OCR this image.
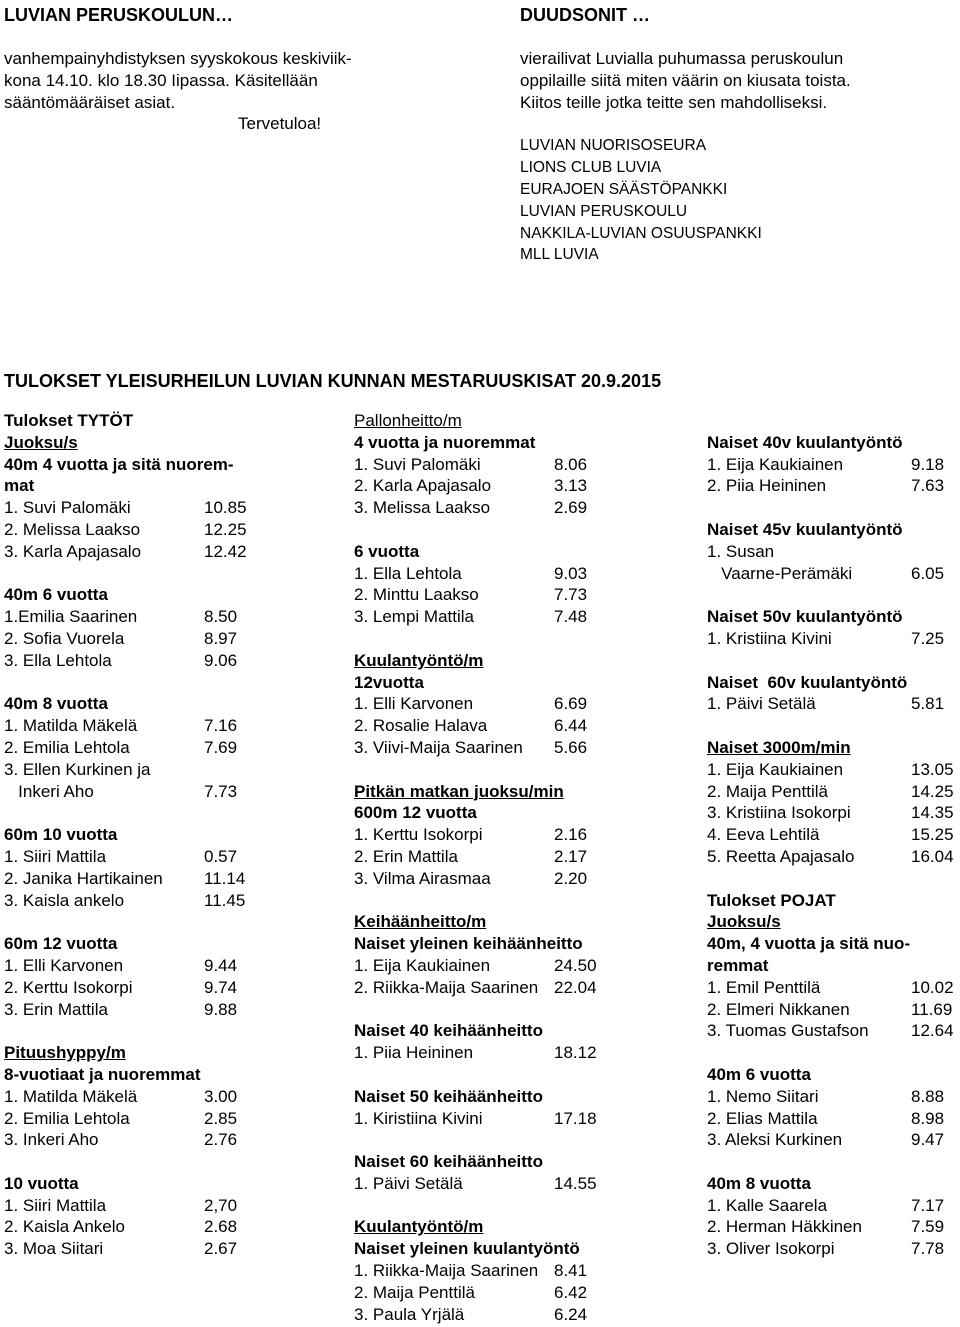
LUVIAN PERUSKOULUN…
vanhempainyhdistyksen syyskokous keskiviik-
kona 14.10. klo 18.30 Iipassa. Käsitellään
sääntömääräiset asiat.
Tervetuloa!
DUUDSONIT …
vierailivat Luvialla puhumassa peruskoulun
oppilaille siitä miten väärin on kiusata toista.
Kiitos teille jotka teitte sen mahdolliseksi.
LUVIAN NUORISOSEURA
LIONS CLUB LUVIA
EURAJOEN SÄÄSTÖPANKKI
LUVIAN PERUSKOULU
NAKKILA-LUVIAN OSUUSPANKKI
MLL LUVIA
TULOKSET YLEISURHEILUN LUVIAN KUNNAN MESTARUUSKISAT 20.9.2015
Tulokset TYTÖT
Juoksu/s
40m 4 vuotta ja sitä nuorem-
mat
1. Suvi Palomäki	10.85
2. Melissa Laakso	12.25
3. Karla Apajasalo	12.42
40m 6 vuotta
1.Emilia Saarinen	8.50
2. Sofia Vuorela	8.97
3. Ella Lehtola	9.06
40m 8 vuotta
1. Matilda Mäkelä	7.16
2. Emilia Lehtola	7.69
3. Ellen Kurkinen ja
Inkeri Aho	7.73
60m 10 vuotta
1. Siiri Mattila	0.57
2. Janika Hartikainen 11.14
3. Kaisla ankelo	11.45
60m 12 vuotta
1. Elli Karvonen	9.44
2. Kerttu Isokorpi	9.74
3. Erin Mattila	9.88
Pituushyppy/m
8-vuotiaat ja nuoremmat
1. Matilda Mäkelä	3.00
2. Emilia Lehtola	2.85
3. Inkeri Aho	2.76
10 vuotta
1. Siiri Mattila	2,70
2. Kaisla Ankelo	2.68
3. Moa Siitari	2.67
Pallonheitto/m
4 vuotta ja nuoremmat
1. Suvi Palomäki	8.06
2. Karla Apajasalo	3.13
3. Melissa Laakso	2.69
6 vuotta
1. Ella Lehtola	9.03
2. Minttu Laakso	7.73
3. Lempi Mattila	7.48
Kuulantyöntö/m
12vuotta
1. Elli Karvonen	6.69
2. Rosalie Halava	6.44
3. Viivi-Maija Saarinen 5.66
Pitkän matkan juoksu/min
600m 12 vuotta
1. Kerttu Isokorpi	2.16
2. Erin Mattila	2.17
3. Vilma Airasmaa	2.20
Keihäänheitto/m
Naiset yleinen keihäänheitto
1. Eija Kaukiainen	24.50
2. Riikka-Maija Saarinen 22.04
Naiset 40 keihäänheitto
1. Piia Heininen	18.12
Naiset 50 keihäänheitto
1. Kiristiina Kivini	17.18
Naiset 60 keihäänheitto
1. Päivi Setälä	14.55
Kuulantyöntö/m
Naiset yleinen kuulantyöntö
1. Riikka-Maija Saarinen 8.41
2. Maija Penttilä	6.42
3. Paula Yrjälä	6.24
Naiset 40v kuulantyöntö
1. Eija Kaukiainen	9.18
2. Piia Heininen	7.63
Naiset 45v kuulantyöntö
1. Susan
Vaarne-Perämäki	6.05
Naiset 50v kuulantyöntö
1. Kristiina Kivini	7.25
Naiset  60v kuulantyöntö
1. Päivi Setälä	5.81
Naiset 3000m/min
1. Eija Kaukiainen	13.05
2. Maija Penttilä	14.25
3. Kristiina Isokorpi	14.35
4. Eeva Lehtilä	15.25
5. Reetta Apajasalo	16.04
Tulokset POJAT
Juoksu/s
40m, 4 vuotta ja sitä nuo-
remmat
1. Emil Penttilä	10.02
2. Elmeri Nikkanen	11.69
3. Tuomas Gustafson 12.64
40m 6 vuotta
1. Nemo Siitari	8.88
2. Elias Mattila	8.98
3. Aleksi Kurkinen	9.47
40m 8 vuotta
1. Kalle Saarela	7.17
2. Herman Häkkinen	7.59
3. Oliver Isokorpi	7.78
